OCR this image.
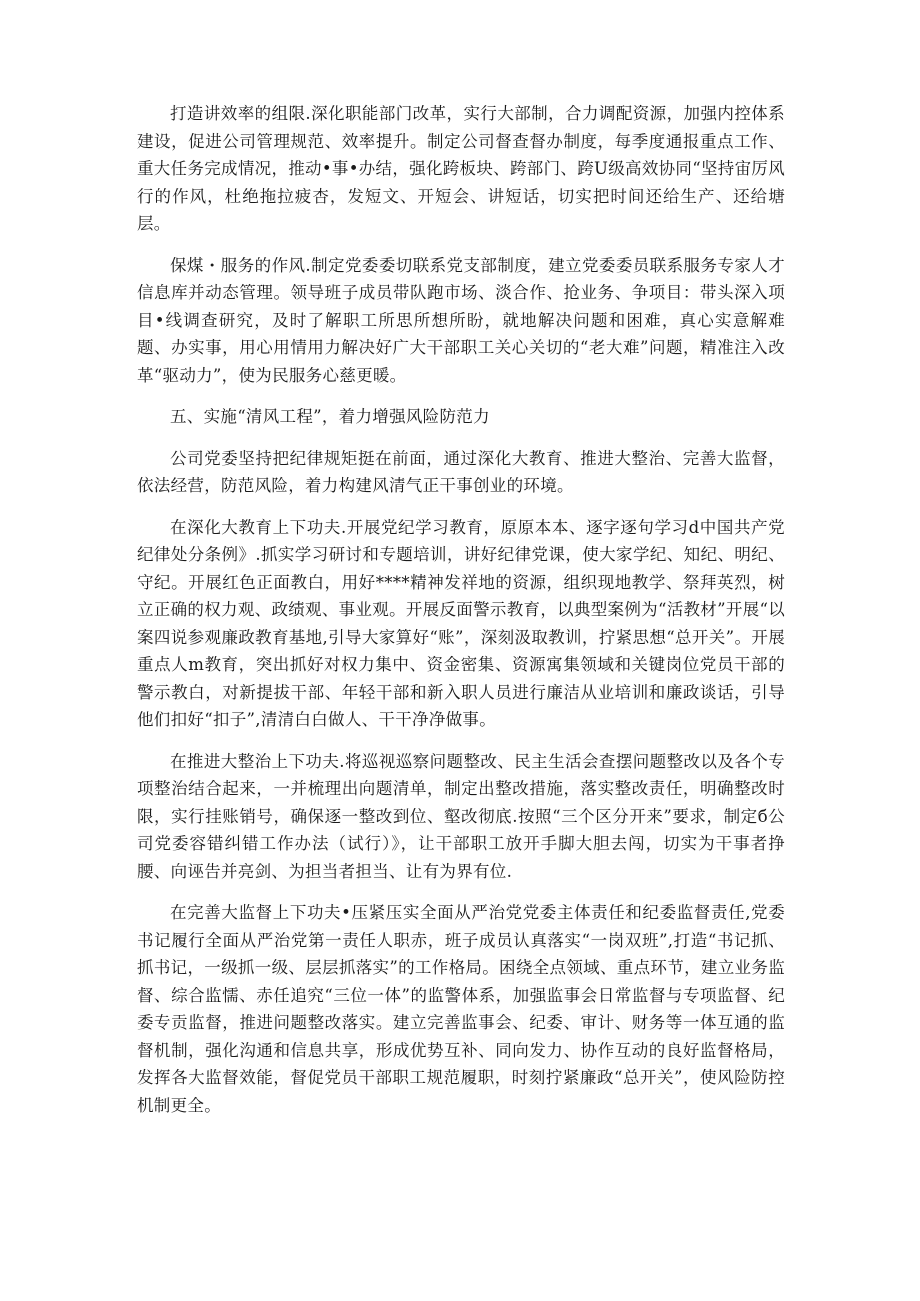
打造讲效率的组限.深化职能部门改革，实行大部制，合力调配资源，加强内控体系建设，促进公司管理规范、效率提升。制定公司督查督办制度，每季度通报重点工作、重大任务完成情况，推动•事•办结，强化跨板块、跨部门、跨U级高效协同“坚持宙厉风行的作风，杜绝拖拉疲杏，发短文、开短会、讲短话，切实把时间还给生产、还给塘层。

保煤・服务的作风.制定党委委切联系党支部制度，建立党委委员联系服务专家人才信息库并动态管理。领导班子成员带队跑市场、淡合作、抢业务、争项目：带头深入项目•线调查研究，及时了解职工所思所想所盼，就地解决问题和困难，真心实意解难题、办实事，用心用情用力解决好广大干部职工关心关切的“老大难”问题，精准注入改革“驱动力”，使为民服务心慈更暖。

五、实施“清风工程”，着力增强风险防范力

公司党委坚持把纪律规矩挺在前面，通过深化大教育、推进大整治、完善大监督，依法经营，防范风险，着力构建风清气正干事创业的环境。

在深化大教育上下功夫.开展党纪学习教育，原原本本、逐字逐句学习d中国共产党纪律处分条例》.抓实学习研讨和专题培训，讲好纪律党课，使大家学纪、知纪、明纪、守纪。开展红色正面教白，用好****精神发祥地的资源，组织现地教学、祭拜英烈，树立正确的权力观、政绩观、事业观。开展反面警示教育，以典型案例为“活教材”开展“以案四说参观廉政教育基地,引导大家算好“账”，深刻汲取教训，拧紧思想“总开关”。开展重点人m教育，突出抓好对权力集中、资金密集、资源寓集领域和关键岗位党员干部的警示教白，对新提拔干部、年轻干部和新入职人员进行廉洁从业培训和廉政谈话，引导他们扣好“扣子”,清清白白做人、干干净净做事。

在推进大整治上下功夫.将巡视巡察问题整改、民主生活会查摆问题整改以及各个专项整治结合起来，一并梳理出向题清单，制定出整改措施，落实整改责任，明确整改时限，实行挂账销号，确保逐一整改到位、壑改彻底.按照“三个区分开来”要求，制定б公司党委容错纠错工作办法（试行）》，让干部职工放开手脚大胆去闯，切实为干事者挣腰、向诬告并亮剑、为担当者担当、让有为界有位.

在完善大监督上下功夫•压紧压实全面从严治党党委主体责任和纪委监督责任,党委书记履行全面从严治党第一责任人职赤，班子成员认真落实“一岗双班”,打造“书记抓、抓书记，一级抓一级、层层抓落实”的工作格局。困绕全点领域、重点环节，建立业务监督、综合监懦、赤任追究“三位一体”的监警体系，加强监事会日常监督与专项监督、纪委专贡监督，推进问题整改落实。建立完善监事会、纪委、审计、财务等一体互通的监督机制，强化沟通和信息共享，形成优势互补、同向发力、协作互动的良好监督格局，发挥各大监督效能，督促党员干部职工规范履职，时刻拧紧廉政“总开关”，使风险防控机制更全。
